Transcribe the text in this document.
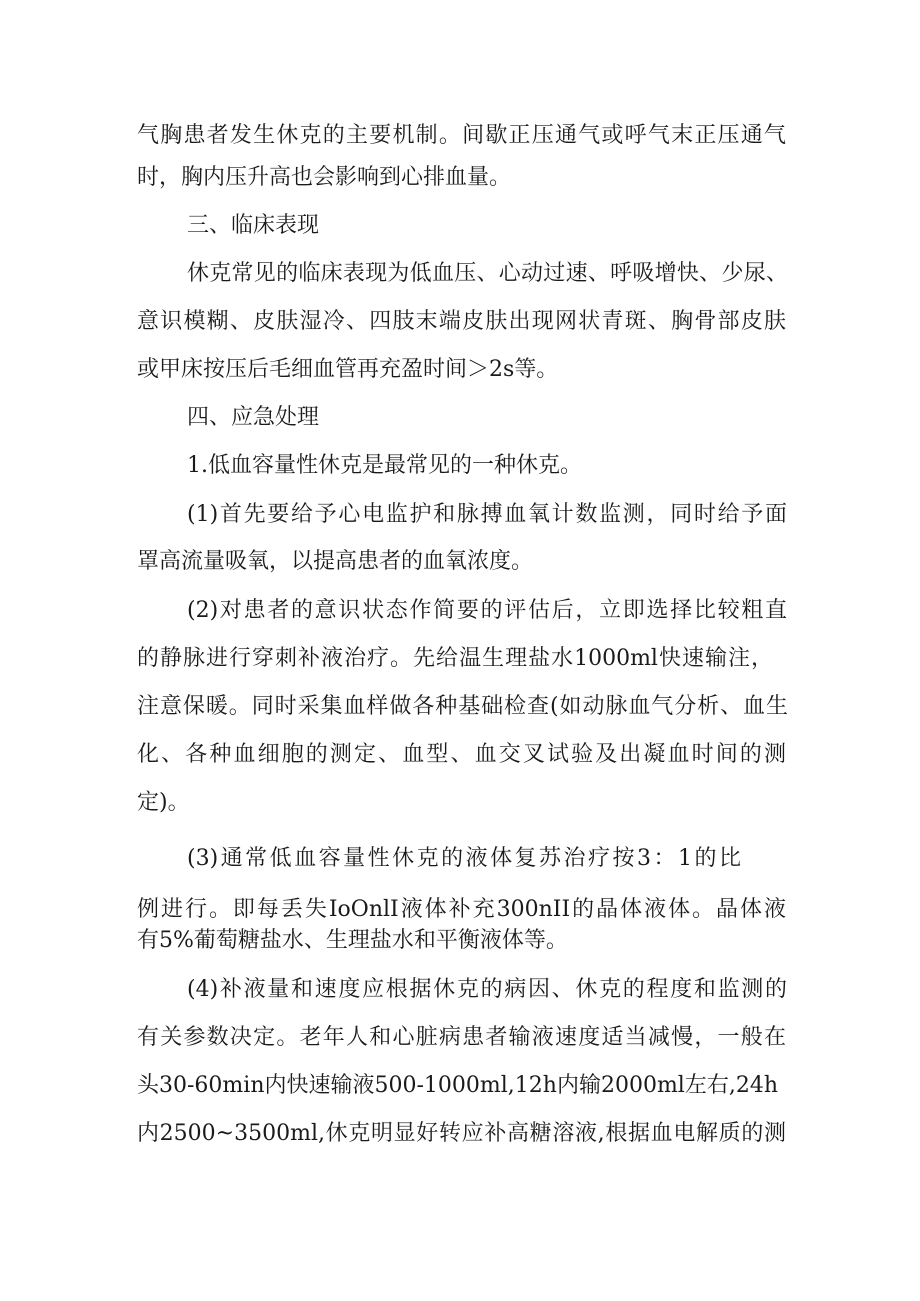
气胸患者发生休克的主要机制。间歇正压通气或呼气末正压通气
时，胸内压升高也会影响到心排血量。
三、临床表现
休克常见的临床表现为低血压、心动过速、呼吸增快、少尿、
意识模糊、皮肤湿冷、四肢末端皮肤出现网状青斑、胸骨部皮肤
或甲床按压后毛细血管再充盈时间＞2s等。
四、应急处理
1.低血容量性休克是最常见的一种休克。
(1)首先要给予心电监护和脉搏血氧计数监测，同时给予面
罩高流量吸氧，以提高患者的血氧浓度。
(2)对患者的意识状态作简要的评估后，立即选择比较粗直
的静脉进行穿刺补液治疗。先给温生理盐水1000ml快速输注，
注意保暖。同时采集血样做各种基础检查(如动脉血气分析、血生
化、各种血细胞的测定、血型、血交叉试验及出凝血时间的测
定)。
(3)通常低血容量性休克的液体复苏治疗按3：1的比
例进行。即每丢失IoOnlI液体补充300nII的晶体液体。晶体液
有5%葡萄糖盐水、生理盐水和平衡液体等。
(4)补液量和速度应根据休克的病因、休克的程度和监测的
有关参数决定。老年人和心脏病患者输液速度适当减慢，一般在
头30-60min内快速输液500-1000ml,12h内输2000ml左右,24h
内2500~3500ml,休克明显好转应补高糖溶液,根据血电解质的测
